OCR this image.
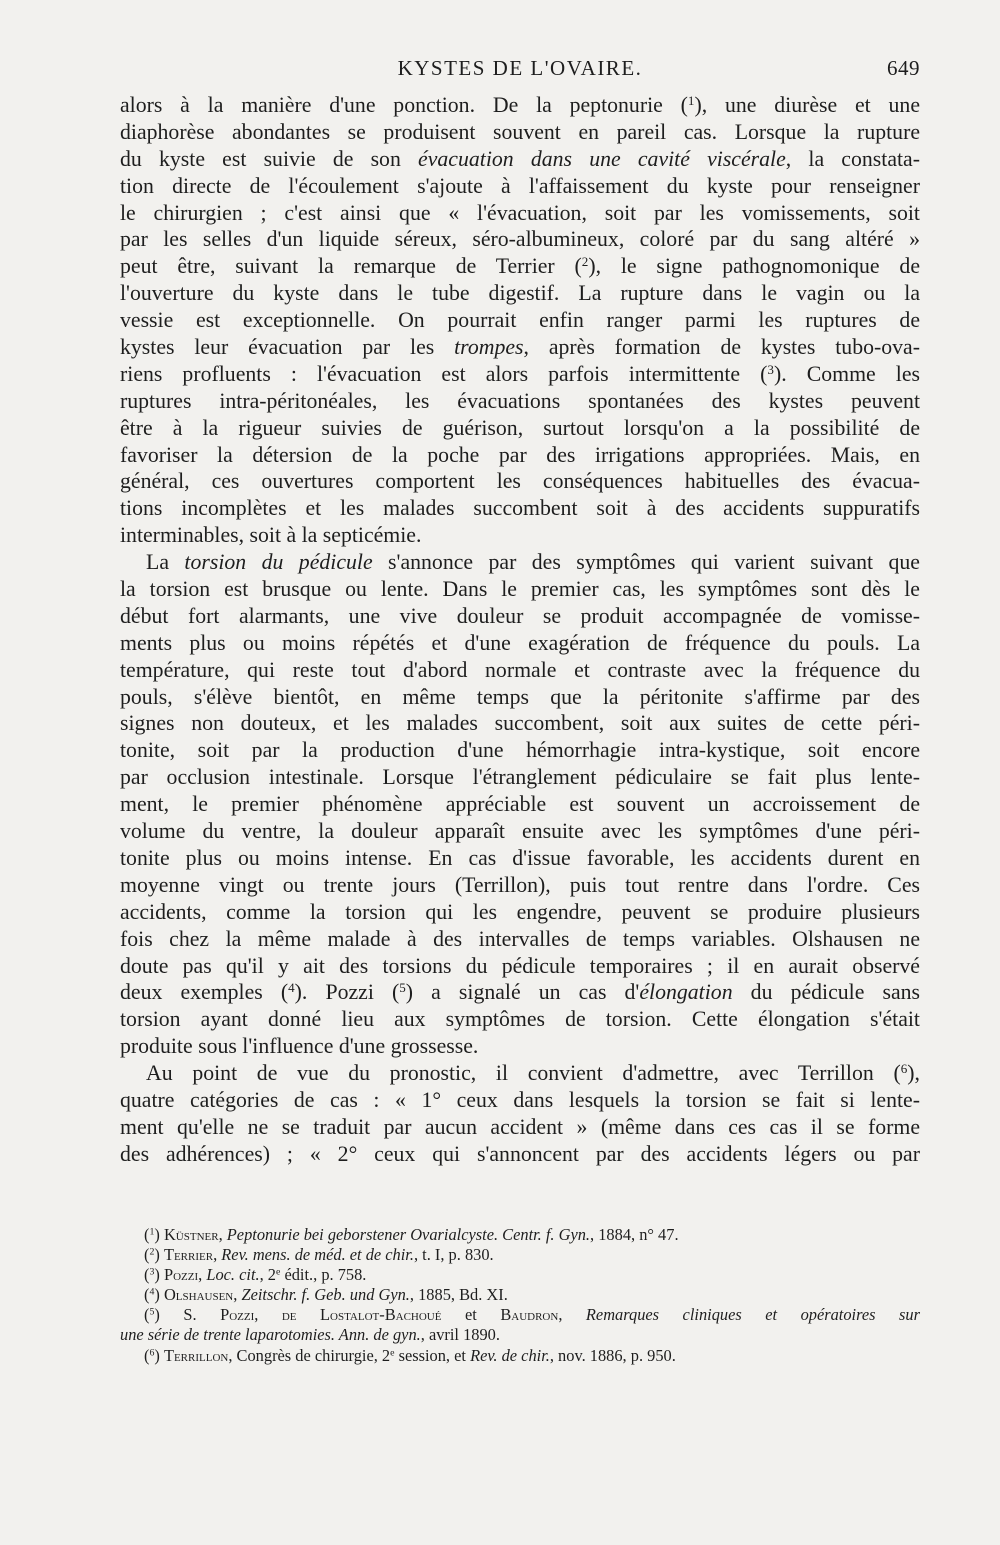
KYSTES DE L'OVAIRE.	649
alors à la manière d'une ponction. De la peptonurie ($^1$), une diurèse et une
diaphorèse abondantes se produisent souvent en pareil cas. Lorsque la rupture
du kyste est suivie de son évacuation dans une cavité viscérale, la constata-
tion directe de l'écoulement s'ajoute à l'affaissement du kyste pour renseigner
le chirurgien ; c'est ainsi que « l'évacuation, soit par les vomissements, soit
par les selles d'un liquide séreux, séro-albumineux, coloré par du sang altéré »
peut être, suivant la remarque de Terrier ($^2$), le signe pathognomonique de
l'ouverture du kyste dans le tube digestif. La rupture dans le vagin ou la
vessie est exceptionnelle. On pourrait enfin ranger parmi les ruptures de
kystes leur évacuation par les trompes, après formation de kystes tubo-ova-
riens profluents : l'évacuation est alors parfois intermittente ($^3$). Comme les
ruptures intra-péritonéales, les évacuations spontanées des kystes peuvent
être à la rigueur suivies de guérison, surtout lorsqu'on a la possibilité de
favoriser la détersion de la poche par des irrigations appropriées. Mais, en
général, ces ouvertures comportent les conséquences habituelles des évacua-
tions incomplètes et les malades succombent soit à des accidents suppuratifs
interminables, soit à la septicémie.
La torsion du pédicule s'annonce par des symptômes qui varient suivant que
la torsion est brusque ou lente. Dans le premier cas, les symptômes sont dès le
début fort alarmants, une vive douleur se produit accompagnée de vomisse-
ments plus ou moins répétés et d'une exagération de fréquence du pouls. La
température, qui reste tout d'abord normale et contraste avec la fréquence du
pouls, s'élève bientôt, en même temps que la péritonite s'affirme par des
signes non douteux, et les malades succombent, soit aux suites de cette péri-
tonite, soit par la production d'une hémorrhagie intra-kystique, soit encore
par occlusion intestinale. Lorsque l'étranglement pédiculaire se fait plus lente-
ment, le premier phénomène appréciable est souvent un accroissement de
volume du ventre, la douleur apparaît ensuite avec les symptômes d'une péri-
tonite plus ou moins intense. En cas d'issue favorable, les accidents durent en
moyenne vingt ou trente jours (Terrillon), puis tout rentre dans l'ordre. Ces
accidents, comme la torsion qui les engendre, peuvent se produire plusieurs
fois chez la même malade à des intervalles de temps variables. Olshausen ne
doute pas qu'il y ait des torsions du pédicule temporaires ; il en aurait observé
deux exemples ($^4$). Pozzi ($^5$) a signalé un cas d'élongation du pédicule sans
torsion ayant donné lieu aux symptômes de torsion. Cette élongation s'était
produite sous l'influence d'une grossesse.
Au point de vue du pronostic, il convient d'admettre, avec Terrillon ($^6$),
quatre catégories de cas : « 1° ceux dans lesquels la torsion se fait si lente-
ment qu'elle ne se traduit par aucun accident » (même dans ces cas il se forme
des adhérences) ; « 2° ceux qui s'annoncent par des accidents légers ou par
($^1$) Küstner, Peptonurie bei geborstener Ovarialcyste. Centr. f. Gyn., 1884, n° 47.
($^2$) Terrier, Rev. mens. de méd. et de chir., t. I, p. 830.
($^3$) Pozzi, Loc. cit., 2e édit., p. 758.
($^4$) Olshausen, Zeitschr. f. Geb. und Gyn., 1885, Bd. XI.
($^5$) S. Pozzi, de Lostalot-Bachoué et Baudron, Remarques cliniques et opératoires sur
une série de trente laparotomies. Ann. de gyn., avril 1890.
($^6$) Terrillon, Congrès de chirurgie, 2e session, et Rev. de chir., nov. 1886, p. 950.
